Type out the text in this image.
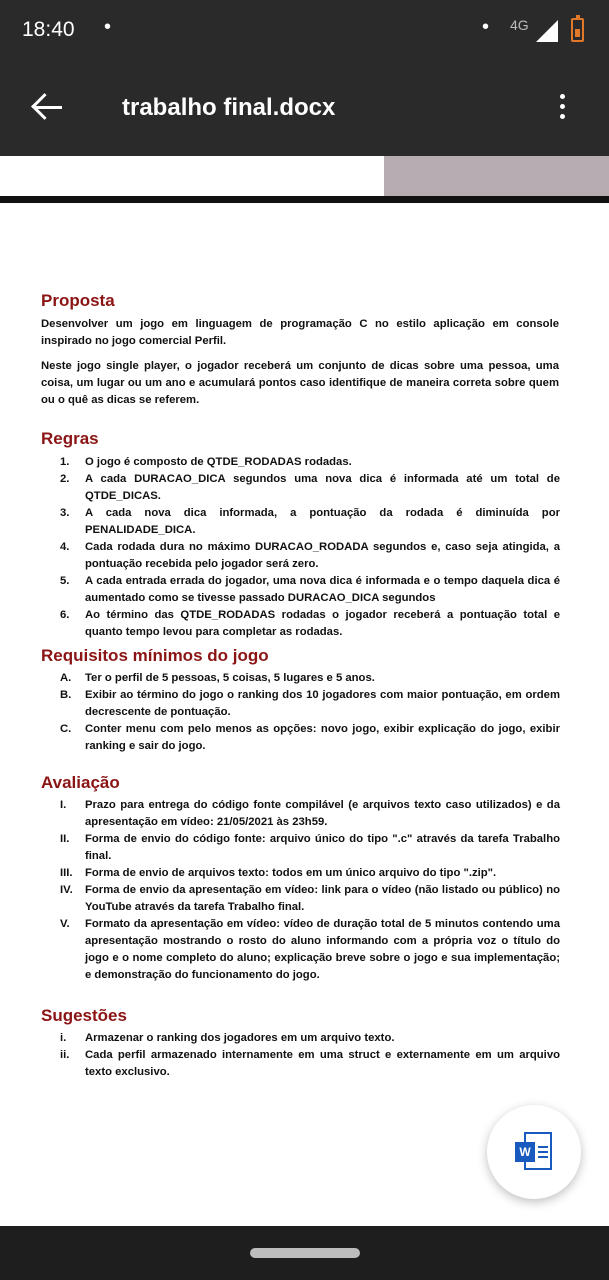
18:40 •	• 4G
trabalho final.docx
Proposta
Desenvolver um jogo em linguagem de programação C no estilo aplicação em console inspirado no jogo comercial Perfil.
Neste jogo single player, o jogador receberá um conjunto de dicas sobre uma pessoa, uma coisa, um lugar ou um ano e acumulará pontos caso identifique de maneira correta sobre quem ou o quê as dicas se referem.
Regras
1.	O jogo é composto de QTDE_RODADAS rodadas.
2.	A cada DURACAO_DICA segundos uma nova dica é informada até um total de QTDE_DICAS.
3.	A cada nova dica informada, a pontuação da rodada é diminuída por PENALIDADE_DICA.
4.	Cada rodada dura no máximo DURACAO_RODADA segundos e, caso seja atingida, a pontuação recebida pelo jogador será zero.
5.	A cada entrada errada do jogador, uma nova dica é informada e o tempo daquela dica é aumentado como se tivesse passado DURACAO_DICA segundos
6.	Ao término das QTDE_RODADAS rodadas o jogador receberá a pontuação total e quanto tempo levou para completar as rodadas.
Requisitos mínimos do jogo
A.	Ter o perfil de 5 pessoas, 5 coisas, 5 lugares e 5 anos.
B.	Exibir ao término do jogo o ranking dos 10 jogadores com maior pontuação, em ordem decrescente de pontuação.
C.	Conter menu com pelo menos as opções: novo jogo, exibir explicação do jogo, exibir ranking e sair do jogo.
Avaliação
I.	Prazo para entrega do código fonte compilável (e arquivos texto caso utilizados) e da apresentação em vídeo: 21/05/2021 às 23h59.
II.	Forma de envio do código fonte: arquivo único do tipo ".c" através da tarefa Trabalho final.
III.	Forma de envio de arquivos texto: todos em um único arquivo do tipo ".zip".
IV.	Forma de envio da apresentação em vídeo: link para o vídeo (não listado ou público) no YouTube através da tarefa Trabalho final.
V.	Formato da apresentação em vídeo: vídeo de duração total de 5 minutos contendo uma apresentação mostrando o rosto do aluno informando com a própria voz o título do jogo e o nome completo do aluno; explicação breve sobre o jogo e sua implementação; e demonstração do funcionamento do jogo.
Sugestões
i.	Armazenar o ranking dos jogadores em um arquivo texto.
ii.	Cada perfil armazenado internamente em uma struct e externamente em um arquivo texto exclusivo.
W
